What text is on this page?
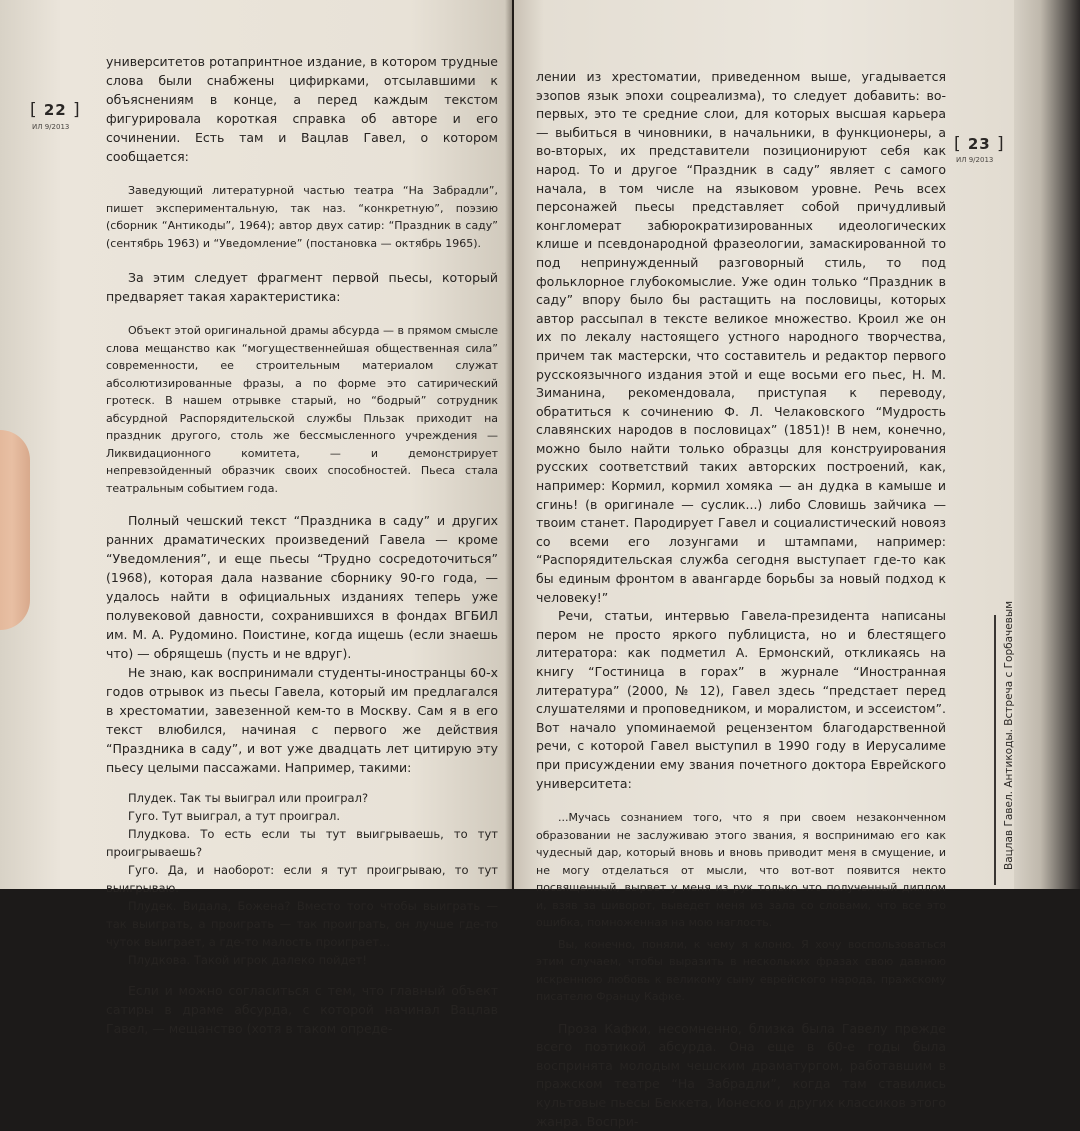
[ 22 ]
ИЛ 9/2013

университетов ротапринтное издание, в котором трудные слова были снабжены цифирками, отсылавшими к объяснениям в конце, а перед каждым текстом фигурировала короткая справка об авторе и его сочинении. Есть там и Вацлав Гавел, о котором сообщается:

Заведующий литературной частью театра “На Забрадли”, пишет экспериментальную, так наз. “конкретную”, поэзию (сборник “Антикоды”, 1964); автор двух сатир: “Праздник в саду” (сентябрь 1963) и “Уведомление” (постановка — октябрь 1965).

За этим следует фрагмент первой пьесы, который предваряет такая характеристика:

Объект этой оригинальной драмы абсурда — в прямом смысле слова мещанство как “могущественнейшая общественная сила” современности, ее строительным материалом служат абсолютизированные фразы, а по форме это сатирический гротеск. В нашем отрывке старый, но “бодрый” сотрудник абсурдной Распорядительской службы Пльзак приходит на праздник другого, столь же бессмысленного учреждения — Ликвидационного комитета, — и демонстрирует непревзойденный образчик своих способностей. Пьеса стала театральным событием года.

Полный чешский текст “Праздника в саду” и других ранних драматических произведений Гавела — кроме “Уведомления”, и еще пьесы “Трудно сосредоточиться” (1968), которая дала название сборнику 90-го года, — удалось найти в официальных изданиях теперь уже полувековой давности, сохранившихся в фондах ВГБИЛ им. М. А. Рудомино. Поистине, когда ищешь (если знаешь что) — обрящешь (пусть и не вдруг).

Не знаю, как воспринимали студенты-иностранцы 60-х годов отрывок из пьесы Гавела, который им предлагался в хрестоматии, завезенной кем-то в Москву. Сам я в его текст влюбился, начиная с первого же действия “Праздника в саду”, и вот уже двадцать лет цитирую эту пьесу целыми пассажами. Например, такими:

Плудек. Так ты выиграл или проиграл?

Гуго. Тут выиграл, а тут проиграл.

Плудкова. То есть если ты тут выигрываешь, то тут проигрываешь?

Гуго. Да, и наоборот: если я тут проигрываю, то тут выигрываю.

Плудек. Видала, Божена? Вместо того чтобы выиграть — так выиграть, а проиграть — так проиграть, он лучше где-то чуток выиграет, а где-то малость проиграет...

Плудкова. Такой игрок далеко пойдет!

Если и можно согласиться с тем, что главный объект сатиры в драме абсурда, с которой начинал Вацлав Гавел, — мещанство (хотя в таком опреде-

[ 23 ]
ИЛ 9/2013

лении из хрестоматии, приведенном выше, угадывается эзопов язык эпохи соцреализма), то следует добавить: во-первых, это те средние слои, для которых высшая карьера — выбиться в чиновники, в начальники, в функционеры, а во-вторых, их представители позиционируют себя как народ. То и другое “Праздник в саду” являет с самого начала, в том числе на языковом уровне. Речь всех персонажей пьесы представляет собой причудливый конгломерат забюрократизированных идеологических клише и псевдонародной фразеологии, замаскированной то под непринужденный разговорный стиль, то под фольклорное глубокомыслие. Уже один только “Праздник в саду” впору было бы растащить на пословицы, которых автор рассыпал в тексте великое множество. Кроил же он их по лекалу настоящего устного народного творчества, причем так мастерски, что составитель и редактор первого русскоязычного издания этой и еще восьми его пьес, Н. М. Зиманина, рекомендовала, приступая к переводу, обратиться к сочинению Ф. Л. Челаковского “Мудрость славянских народов в пословицах” (1851)! В нем, конечно, можно было найти только образцы для конструирования русских соответствий таких авторских построений, как, например: Кормил, кормил хомяка — ан дудка в камыше и сгинь! (в оригинале — суслик...) либо Словишь зайчика — твоим станет. Пародирует Гавел и социалистический новояз со всеми его лозунгами и штампами, например: “Распорядительская служба сегодня выступает где-то как бы единым фронтом в авангарде борьбы за новый подход к человеку!”

Речи, статьи, интервью Гавела-президента написаны пером не просто яркого публициста, но и блестящего литератора: как подметил А. Ермонский, откликаясь на книгу “Гостиница в горах” в журнале “Иностранная литература” (2000, № 12), Гавел здесь “предстает перед слушателями и проповедником, и моралистом, и эссеистом”. Вот начало упоминаемой рецензентом благодарственной речи, с которой Гавел выступил в 1990 году в Иерусалиме при присуждении ему звания почетного доктора Еврейского университета:

...Мучась сознанием того, что я при своем незаконченном образовании не заслуживаю этого звания, я воспринимаю его как чудесный дар, который вновь и вновь приводит меня в смущение, и не могу отделаться от мысли, что вот-вот появится некто посвященный, вырвет у меня из рук только что полученный диплом и, взяв за шиворот, выведет меня из зала со словами, что все это ошибка, помноженная на мою наглость.

Вы, конечно, поняли, к чему я клоню. Я хочу воспользоваться этим случаем, чтобы выразить в нескольких фразах свою давнюю искреннюю любовь к великому сыну еврейского народа, пражскому писателю Францу Кафке.

Проза Кафки, несомненно, близка была Гавелу прежде всего поэтикой абсурда. Она еще в 60-е годы была воспринята молодым чешским драматургом, работавшим в пражском театре “На Забрадли”, когда там ставились культовые пьесы Беккета, Ионеско и других классиков этого жанра. Воспри-

Вацлав Гавел. Антикоды. Встреча с Горбачевым
